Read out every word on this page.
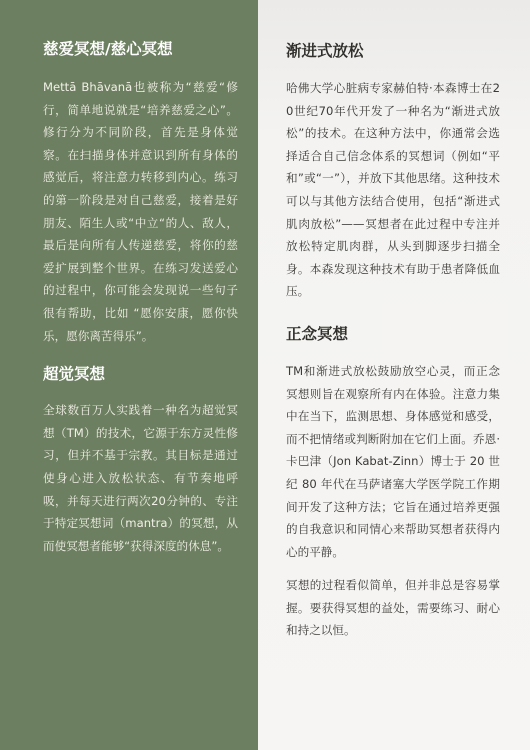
慈爱冥想/慈心冥想

Mettā Bhāvanā也被称为“慈爱“修行，简单地说就是“培养慈爱之心”。修行分为不同阶段，首先是身体觉察。在扫描身体并意识到所有身体的感觉后，将注意力转移到内心。练习的第一阶段是对自己慈爱，接着是好朋友、陌生人或“中立“的人、敌人，最后是向所有人传递慈爱，将你的慈爱扩展到整个世界。在练习发送爱心的过程中，你可能会发现说一些句子很有帮助，比如 “愿你安康，愿你快乐，愿你离苦得乐”。

超觉冥想

全球数百万人实践着一种名为超觉冥想（TM）的技术，它源于东方灵性修习，但并不基于宗教。其目标是通过使身心进入放松状态、有节奏地呼吸，并每天进行两次20分钟的、专注于特定冥想词（mantra）的冥想，从而使冥想者能够“获得深度的休息”。

渐进式放松

哈佛大学心脏病专家赫伯特·本森博士在20世纪70年代开发了一种名为“渐进式放松”的技术。在这种方法中，你通常会选择适合自己信念体系的冥想词（例如“平和”或“一”），并放下其他思绪。这种技术可以与其他方法结合使用，包括“渐进式肌肉放松”——冥想者在此过程中专注并放松特定肌肉群，从头到脚逐步扫描全身。本森发现这种技术有助于患者降低血压。

正念冥想

TM和渐进式放松鼓励放空心灵，而正念冥想则旨在观察所有内在体验。注意力集中在当下，监测思想、身体感觉和感受，而不把情绪或判断附加在它们上面。乔恩·卡巴津（Jon Kabat-Zinn）博士于 20 世纪 80 年代在马萨诸塞大学医学院工作期间开发了这种方法；它旨在通过培养更强的自我意识和同情心来帮助冥想者获得内心的平静。

冥想的过程看似简单，但并非总是容易掌握。要获得冥想的益处，需要练习、耐心和持之以恒。
